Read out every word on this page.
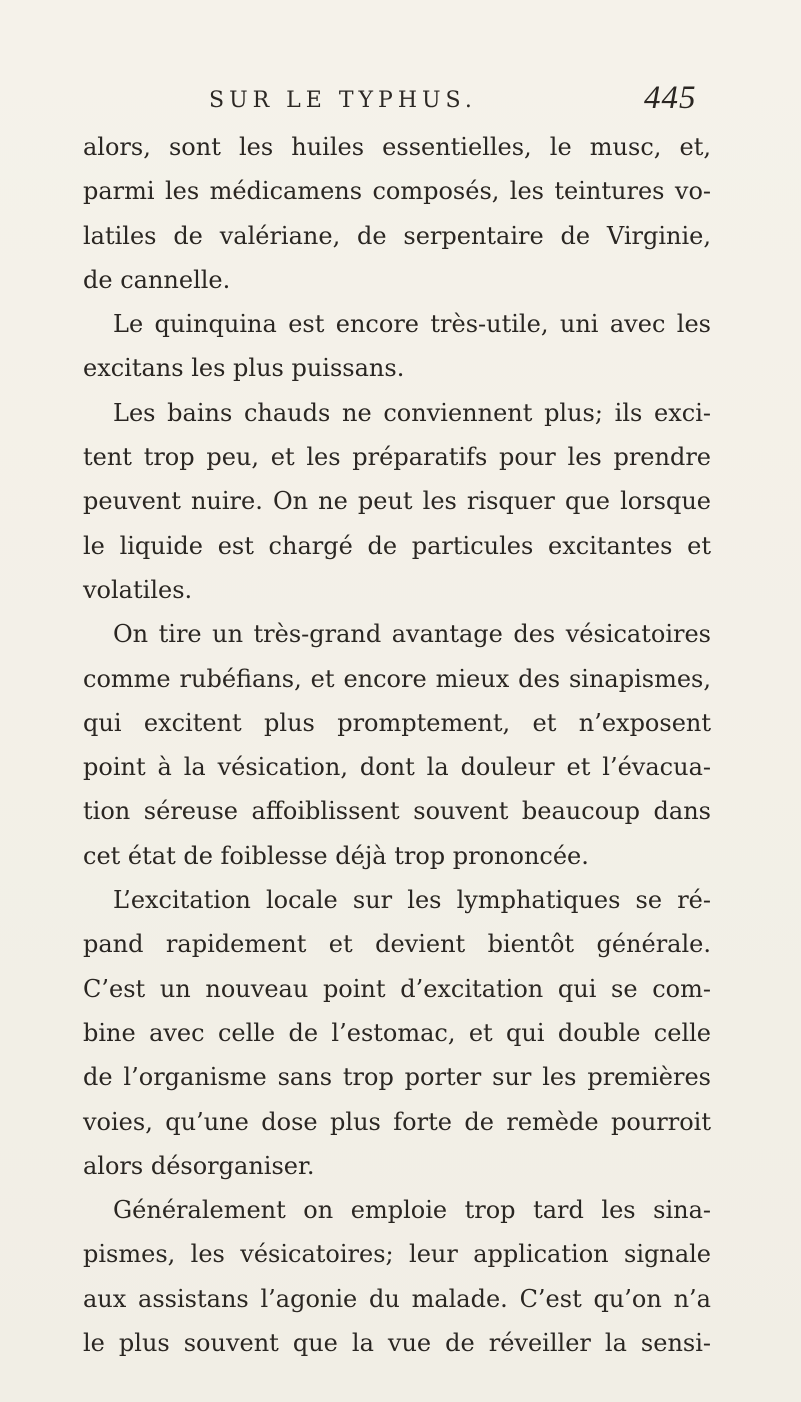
SUR LE TYPHUS.	445
alors, sont les huiles essentielles, le musc, et,
parmi les médicamens composés, les teintures vo-
latiles de valériane, de serpentaire de Virginie,
de cannelle.
Le quinquina est encore très-utile, uni avec les
excitans les plus puissans.
Les bains chauds ne conviennent plus; ils exci-
tent trop peu, et les préparatifs pour les prendre
peuvent nuire. On ne peut les risquer que lorsque
le liquide est chargé de particules excitantes et
volatiles.
On tire un très-grand avantage des vésicatoires
comme rubéfians, et encore mieux des sinapismes,
qui excitent plus promptement, et n’exposent
point à la vésication, dont la douleur et l’évacua-
tion séreuse affoiblissent souvent beaucoup dans
cet état de foiblesse déjà trop prononcée.
L’excitation locale sur les lymphatiques se ré-
pand rapidement et devient bientôt générale.
C’est un nouveau point d’excitation qui se com-
bine avec celle de l’estomac, et qui double celle
de l’organisme sans trop porter sur les premières
voies, qu’une dose plus forte de remède pourroit
alors désorganiser.
Généralement on emploie trop tard les sina-
pismes, les vésicatoires; leur application signale
aux assistans l’agonie du malade. C’est qu’on n’a
le plus souvent que la vue de réveiller la sensi-
